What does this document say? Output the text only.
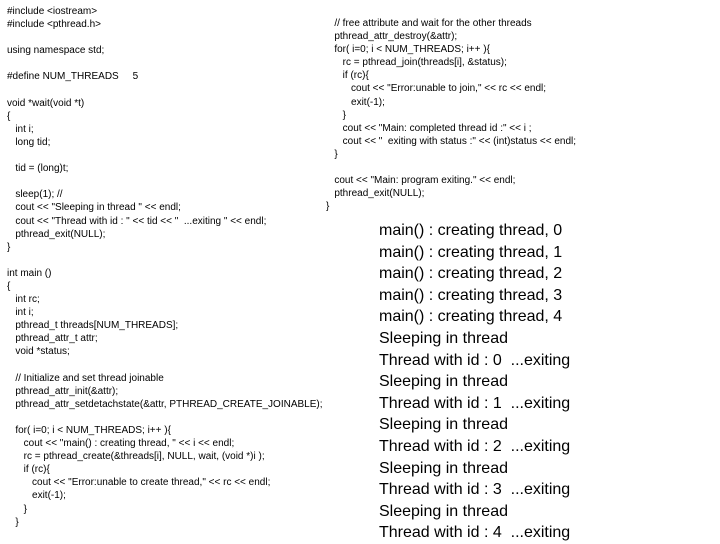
#include <iostream>
#include <pthread.h>
using namespace std;
#define NUM_THREADS     5
void *wait(void *t)
{
int i;
long tid;
tid = (long)t;
sleep(1); //
cout << "Sleeping in thread " << endl;
cout << "Thread with id : " << tid << "  ...exiting " << endl;
pthread_exit(NULL);
}
int main ()
{
int rc;
int i;
pthread_t threads[NUM_THREADS];
pthread_attr_t attr;
void *status;
// Initialize and set thread joinable
pthread_attr_init(&attr);
pthread_attr_setdetachstate(&attr, PTHREAD_CREATE_JOINABLE);
for( i=0; i < NUM_THREADS; i++ ){
cout << "main() : creating thread, " << i << endl;
rc = pthread_create(&threads[i], NULL, wait, (void *)i );
if (rc){
cout << "Error:unable to create thread," << rc << endl;
exit(-1);
}
}
// free attribute and wait for the other threads
pthread_attr_destroy(&attr);
for( i=0; i < NUM_THREADS; i++ ){
rc = pthread_join(threads[i], &status);
if (rc){
cout << "Error:unable to join," << rc << endl;
exit(-1);
}
cout << "Main: completed thread id :" << i ;
cout << "  exiting with status :" << (int)status << endl;
}
cout << "Main: program exiting." << endl;
pthread_exit(NULL);
}
main() : creating thread, 0
main() : creating thread, 1
main() : creating thread, 2
main() : creating thread, 3
main() : creating thread, 4
Sleeping in thread
Thread with id : 0  ...exiting
Sleeping in thread
Thread with id : 1  ...exiting
Sleeping in thread
Thread with id : 2  ...exiting
Sleeping in thread
Thread with id : 3  ...exiting
Sleeping in thread
Thread with id : 4  ...exiting
